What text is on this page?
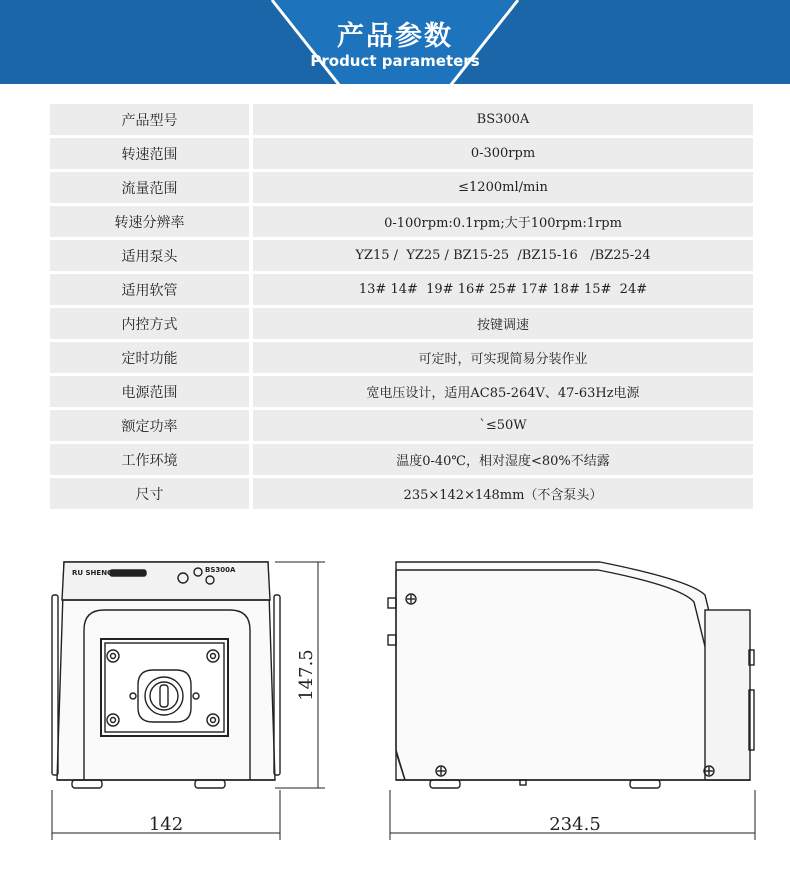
产品参数
Product parameters
产品型号	BS300A
转速范围	0-300rpm
流量范围	≤1200ml/min
转速分辨率	0-100rpm:0.1rpm;大于100rpm:1rpm
适用泵头	YZ15 /  YZ25 / BZ15-25  /BZ15-16   /BZ25-24
适用软管	13# 14#  19# 16# 25# 17# 18# 15#  24#
内控方式	按键调速
定时功能	可定时，可实现简易分装作业
电源范围	宽电压设计，适用AC85-264V、47-63Hz电源
额定功率	`≤50W
工作环境	温度0-40℃，相对湿度<80%不结露
尺寸	235×142×148mm（不含泵头）
RU SHENG	BS300A
142
147.5
234.5
